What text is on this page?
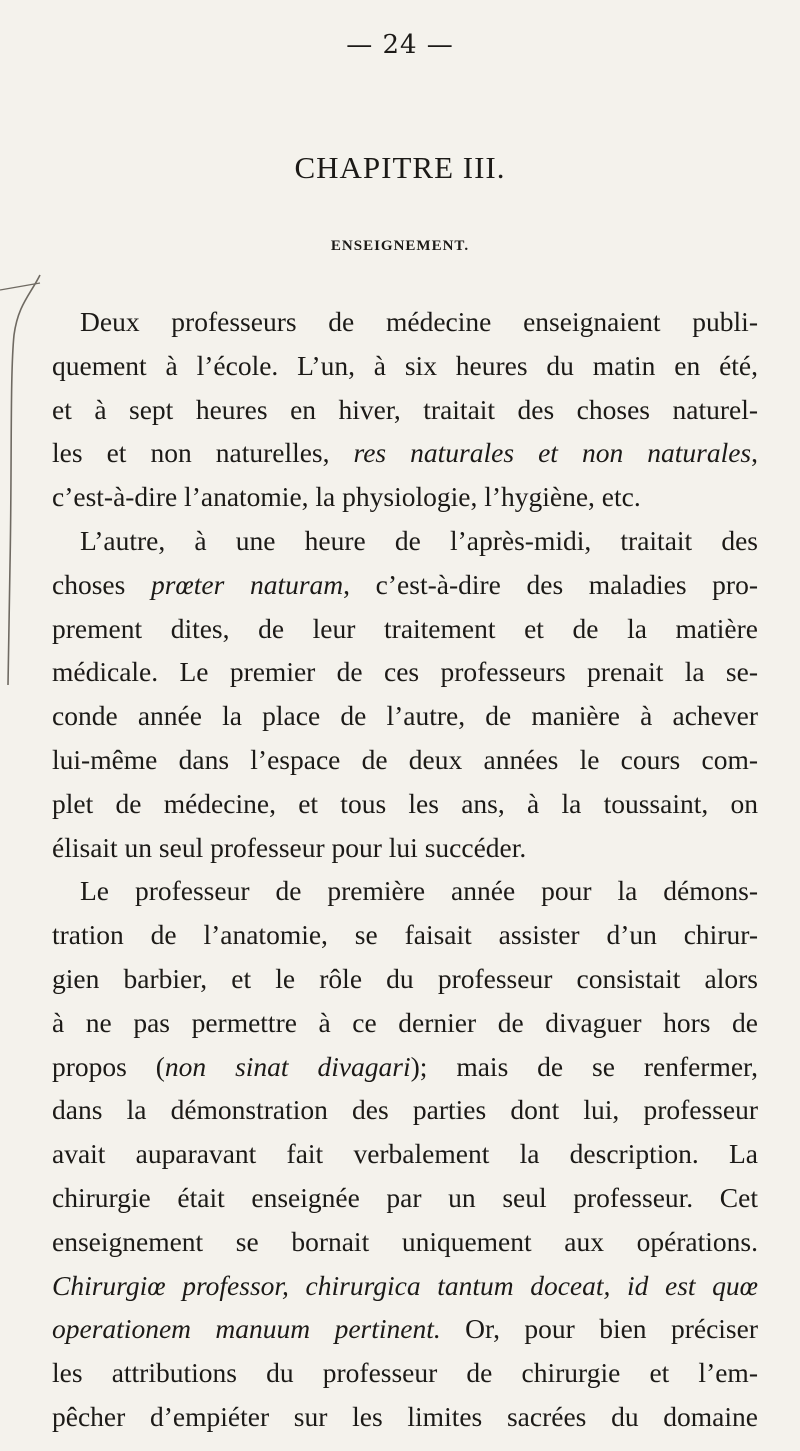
— 24 —
CHAPITRE III.
ENSEIGNEMENT.
Deux professeurs de médecine enseignaient publi-
quement à l’école. L’un, à six heures du matin en été,
et à sept heures en hiver, traitait des choses naturel-
les et non naturelles, res naturales et non naturales,
c’est-à-dire l’anatomie, la physiologie, l’hygiène, etc.
L’autre, à une heure de l’après-midi, traitait des
choses prœter naturam, c’est-à-dire des maladies pro-
prement dites, de leur traitement et de la matière
médicale. Le premier de ces professeurs prenait la se-
conde année la place de l’autre, de manière à achever
lui-même dans l’espace de deux années le cours com-
plet de médecine, et tous les ans, à la toussaint, on
élisait un seul professeur pour lui succéder.
Le professeur de première année pour la démons-
tration de l’anatomie, se faisait assister d’un chirur-
gien barbier, et le rôle du professeur consistait alors
à ne pas permettre à ce dernier de divaguer hors de
propos (non sinat divagari); mais de se renfermer,
dans la démonstration des parties dont lui, professeur
avait auparavant fait verbalement la description. La
chirurgie était enseignée par un seul professeur. Cet
enseignement se bornait uniquement aux opérations.
Chirurgiœ professor, chirurgica tantum doceat, id est quœ
operationem manuum pertinent. Or, pour bien préciser
les attributions du professeur de chirurgie et l’em-
pêcher d’empiéter sur les limites sacrées du domaine
